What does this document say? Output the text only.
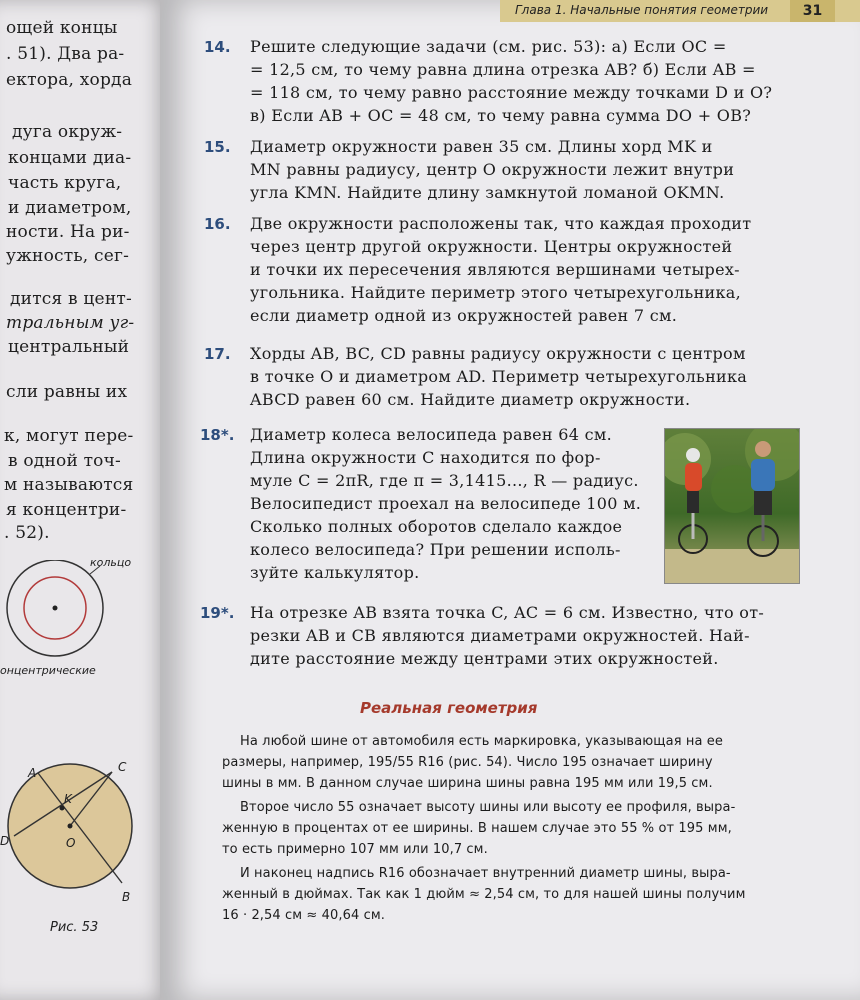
ощей концы
. 51). Два ра-
ектора, хорда
дуга окруж-
концами диа-
часть круга,
и диаметром,
ности. На ри-
ужность, сег-
дится в цент-
тральным уг-
центральный
сли равны их
к, могут пере-
в одной точ-
м называются
я концентри-
. 52).
кольцо
онцентрические
A	C
K
O
D
B
Рис. 53
Глава 1. Начальные понятия геометрии	31
14. Решите следующие задачи (см. рис. 53): а) Если OC =
= 12,5 см, то чему равна длина отрезка AB? б) Если AB =
= 118 см, то чему равно расстояние между точками D и O?
в) Если AB + OC = 48 см, то чему равна сумма DO + OB?
15. Диаметр окружности равен 35 см. Длины хорд MK и
MN равны радиусу, центр O окружности лежит внутри
угла KMN. Найдите длину замкнутой ломаной OKMN.
16. Две окружности расположены так, что каждая проходит
через центр другой окружности. Центры окружностей
и точки их пересечения являются вершинами четырех-
угольника. Найдите периметр этого четырехугольника,
если диаметр одной из окружностей равен 7 см.
17. Хорды AB, BC, CD равны радиусу окружности с центром
в точке O и диаметром AD. Периметр четырехугольника
ABCD равен 60 см. Найдите диаметр окружности.
18*. Диаметр колеса велосипеда равен 64 см.
Длина окружности C находится по фор-
муле C = 2πR, где π = 3,1415..., R — радиус.
Велосипедист проехал на велосипеде 100 м.
Сколько полных оборотов сделало каждое
колесо велосипеда? При решении исполь-
зуйте калькулятор.
19*. На отрезке AB взята точка C, AC = 6 см. Известно, что от-
резки AB и CB являются диаметрами окружностей. Най-
дите расстояние между центрами этих окружностей.
Реальная геометрия
На любой шине от автомобиля есть маркировка, указывающая на ее
размеры, например, 195/55 R16 (рис. 54). Число 195 означает ширину
шины в мм. В данном случае ширина шины равна 195 мм или 19,5 см.
Второе число 55 означает высоту шины или высоту ее профиля, выра-
женную в процентах от ее ширины. В нашем случае это 55 % от 195 мм,
то есть примерно 107 мм или 10,7 см.
И наконец надпись R16 обозначает внутренний диаметр шины, выра-
женный в дюймах. Так как 1 дюйм ≈ 2,54 см, то для нашей шины получим
16 · 2,54 см ≈ 40,64 см.
